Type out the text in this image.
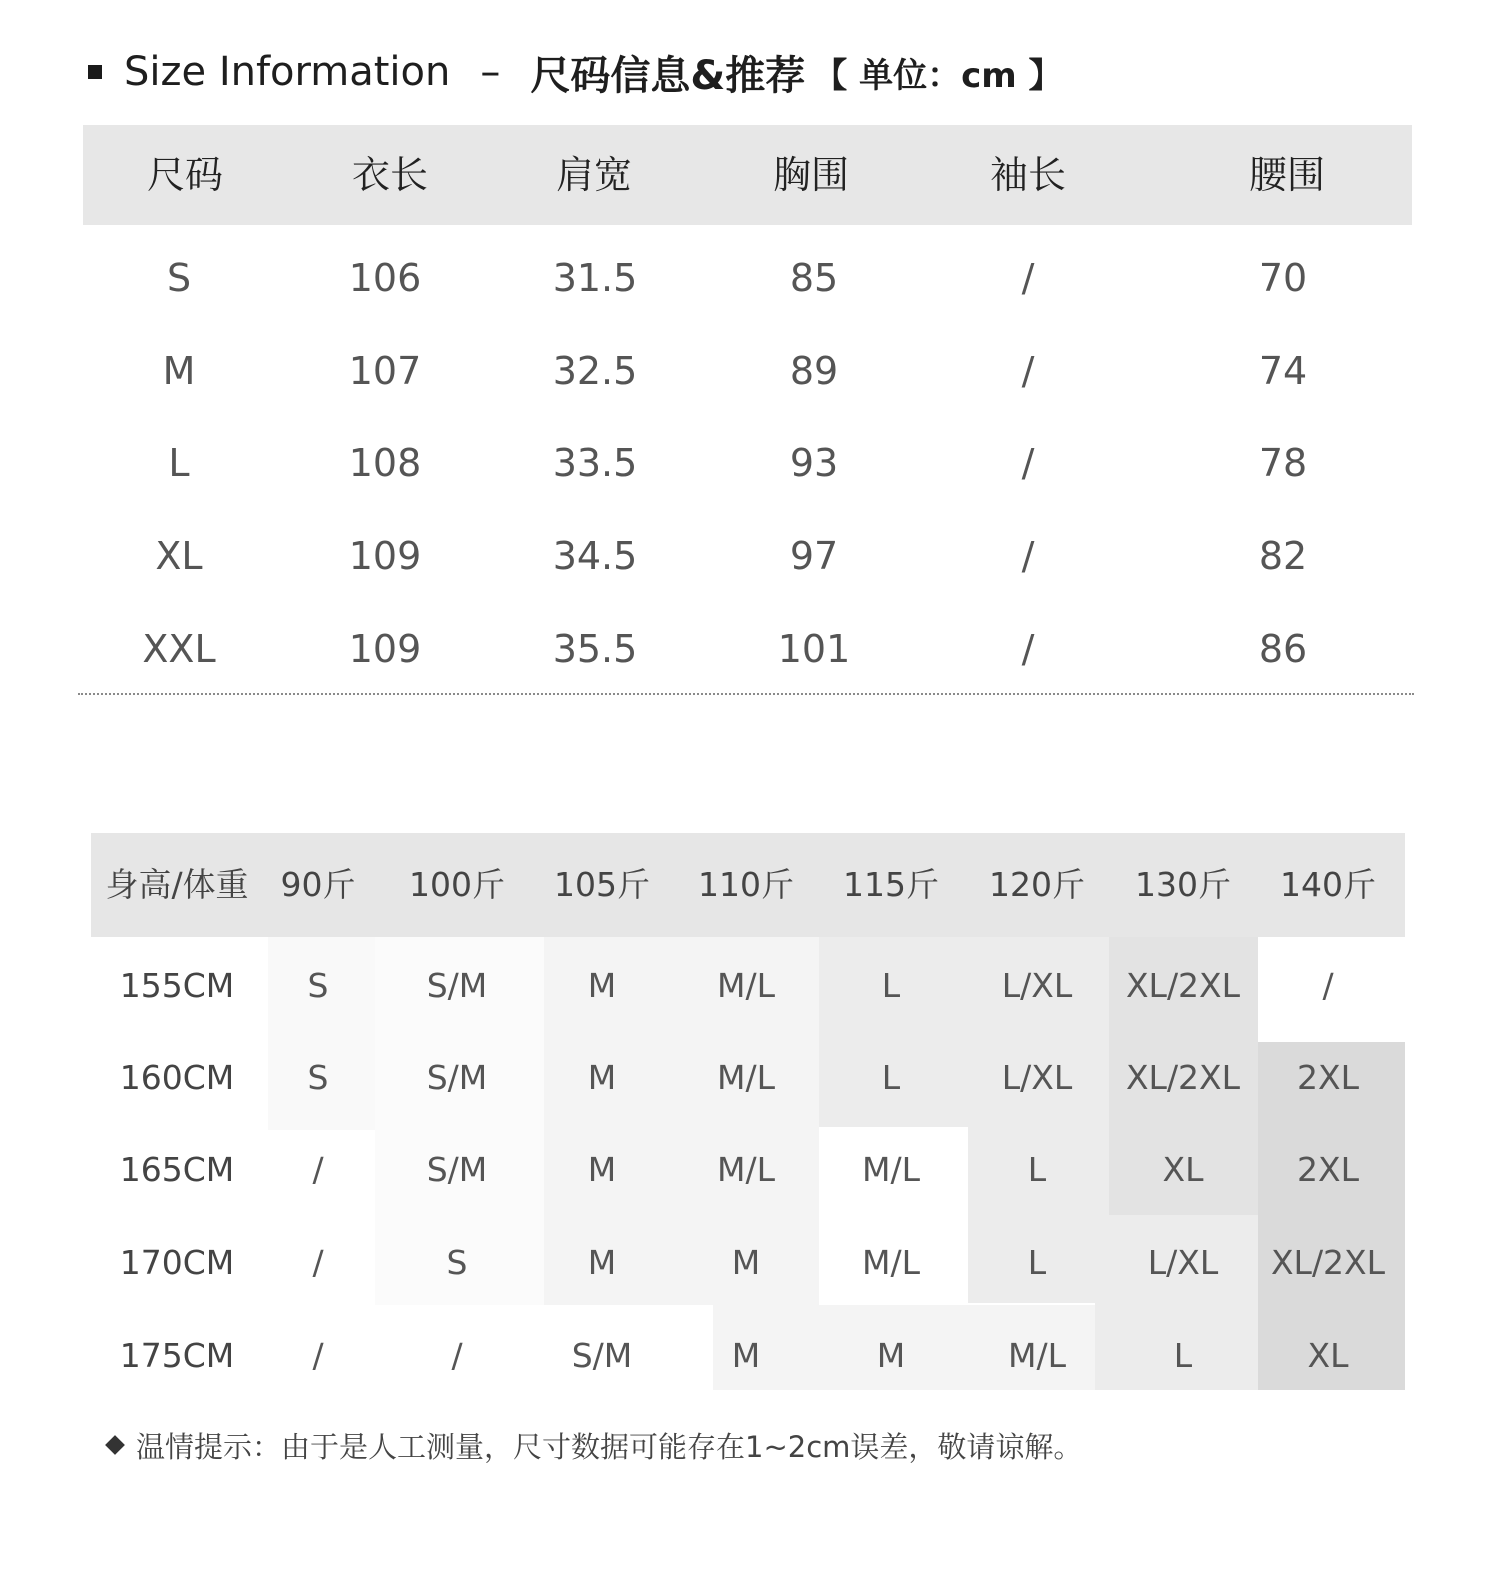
Size Information – 尺码信息&推荐 【 单位：cm 】
尺码	衣长	肩宽	胸围	袖长	腰围
S	106	31.5	85	/	70
M	107	32.5	89	/	74
L	108	33.5	93	/	78
XL	109	34.5	97	/	82
XXL	109	35.5	101	/	86
身高/体重 90斤 100斤 105斤 110斤 115斤 120斤 130斤 140斤
155CM S	S/M	M	M/L	L	L/XL XL/2XL /
160CM S	S/M	M	M/L	L	L/XL XL/2XL 2XL
165CM /	S/M	M	M/L	M/L	L	XL	2XL
170CM /	S	M	M	M/L	L	L/XL XL/2XL
175CM /	/	S/M	M	M	M/L	L	XL
温情提示：由于是人工测量，尺寸数据可能存在1~2cm误差，敬请谅解。
